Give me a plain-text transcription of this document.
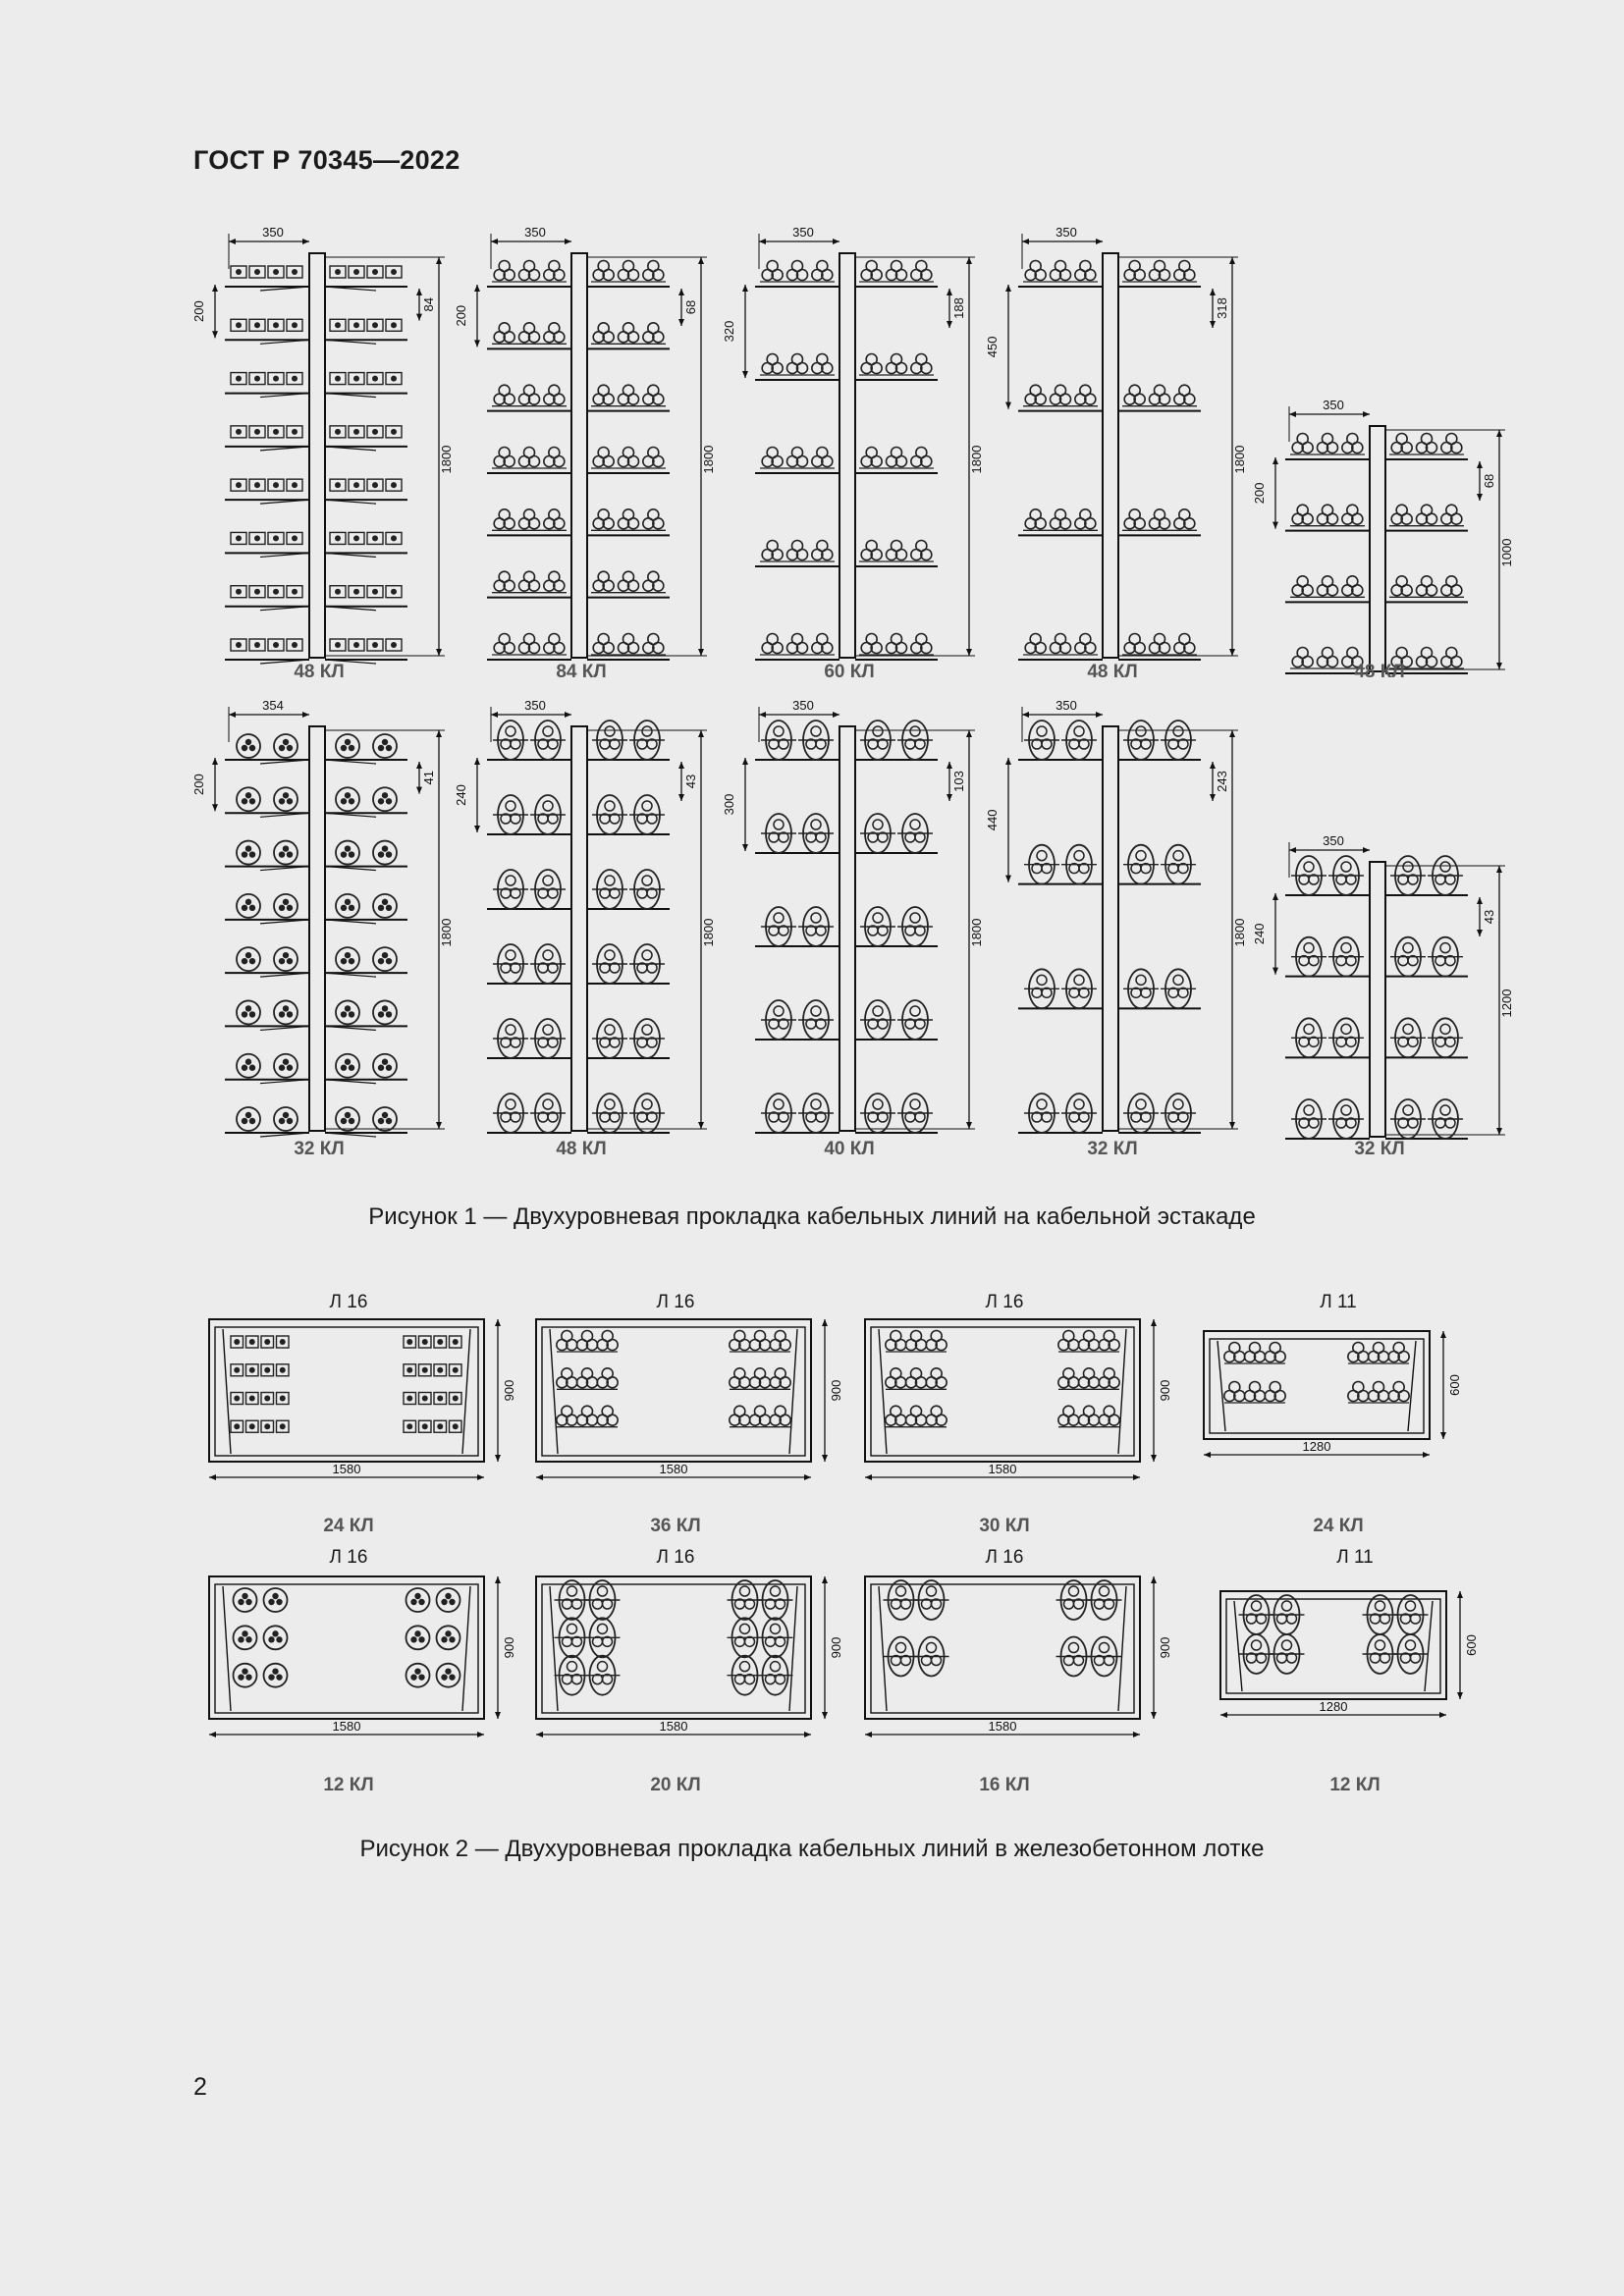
ГОСТ Р 70345—2022
350
1800
200	84
48 КЛ
350
1800
200	68
84 КЛ
350
1800
320
188
60 КЛ
350
1800
450
318
48 КЛ
350
1000
200
68
48 КЛ
354
1800
200	41
32 КЛ
350
1800
240
43
48 КЛ
350
1800
300
103
40 КЛ
350
1800
440
243
32 КЛ
350
1200
240
43
32 КЛ
Рисунок 1 — Двухуровневая прокладка кабельных линий на кабельной эстакаде
900
1580
Л 16
24 КЛ
900
1580
Л 16
36 КЛ
900
1580
Л 16
30 КЛ
600
1280
Л 11
24 КЛ
900
1580
Л 16
12 КЛ
900
1580
Л 16
20 КЛ
900
1580
Л 16
16 КЛ
600
1280
Л 11
12 КЛ
Рисунок 2 — Двухуровневая прокладка кабельных линий в железобетонном лотке
2
